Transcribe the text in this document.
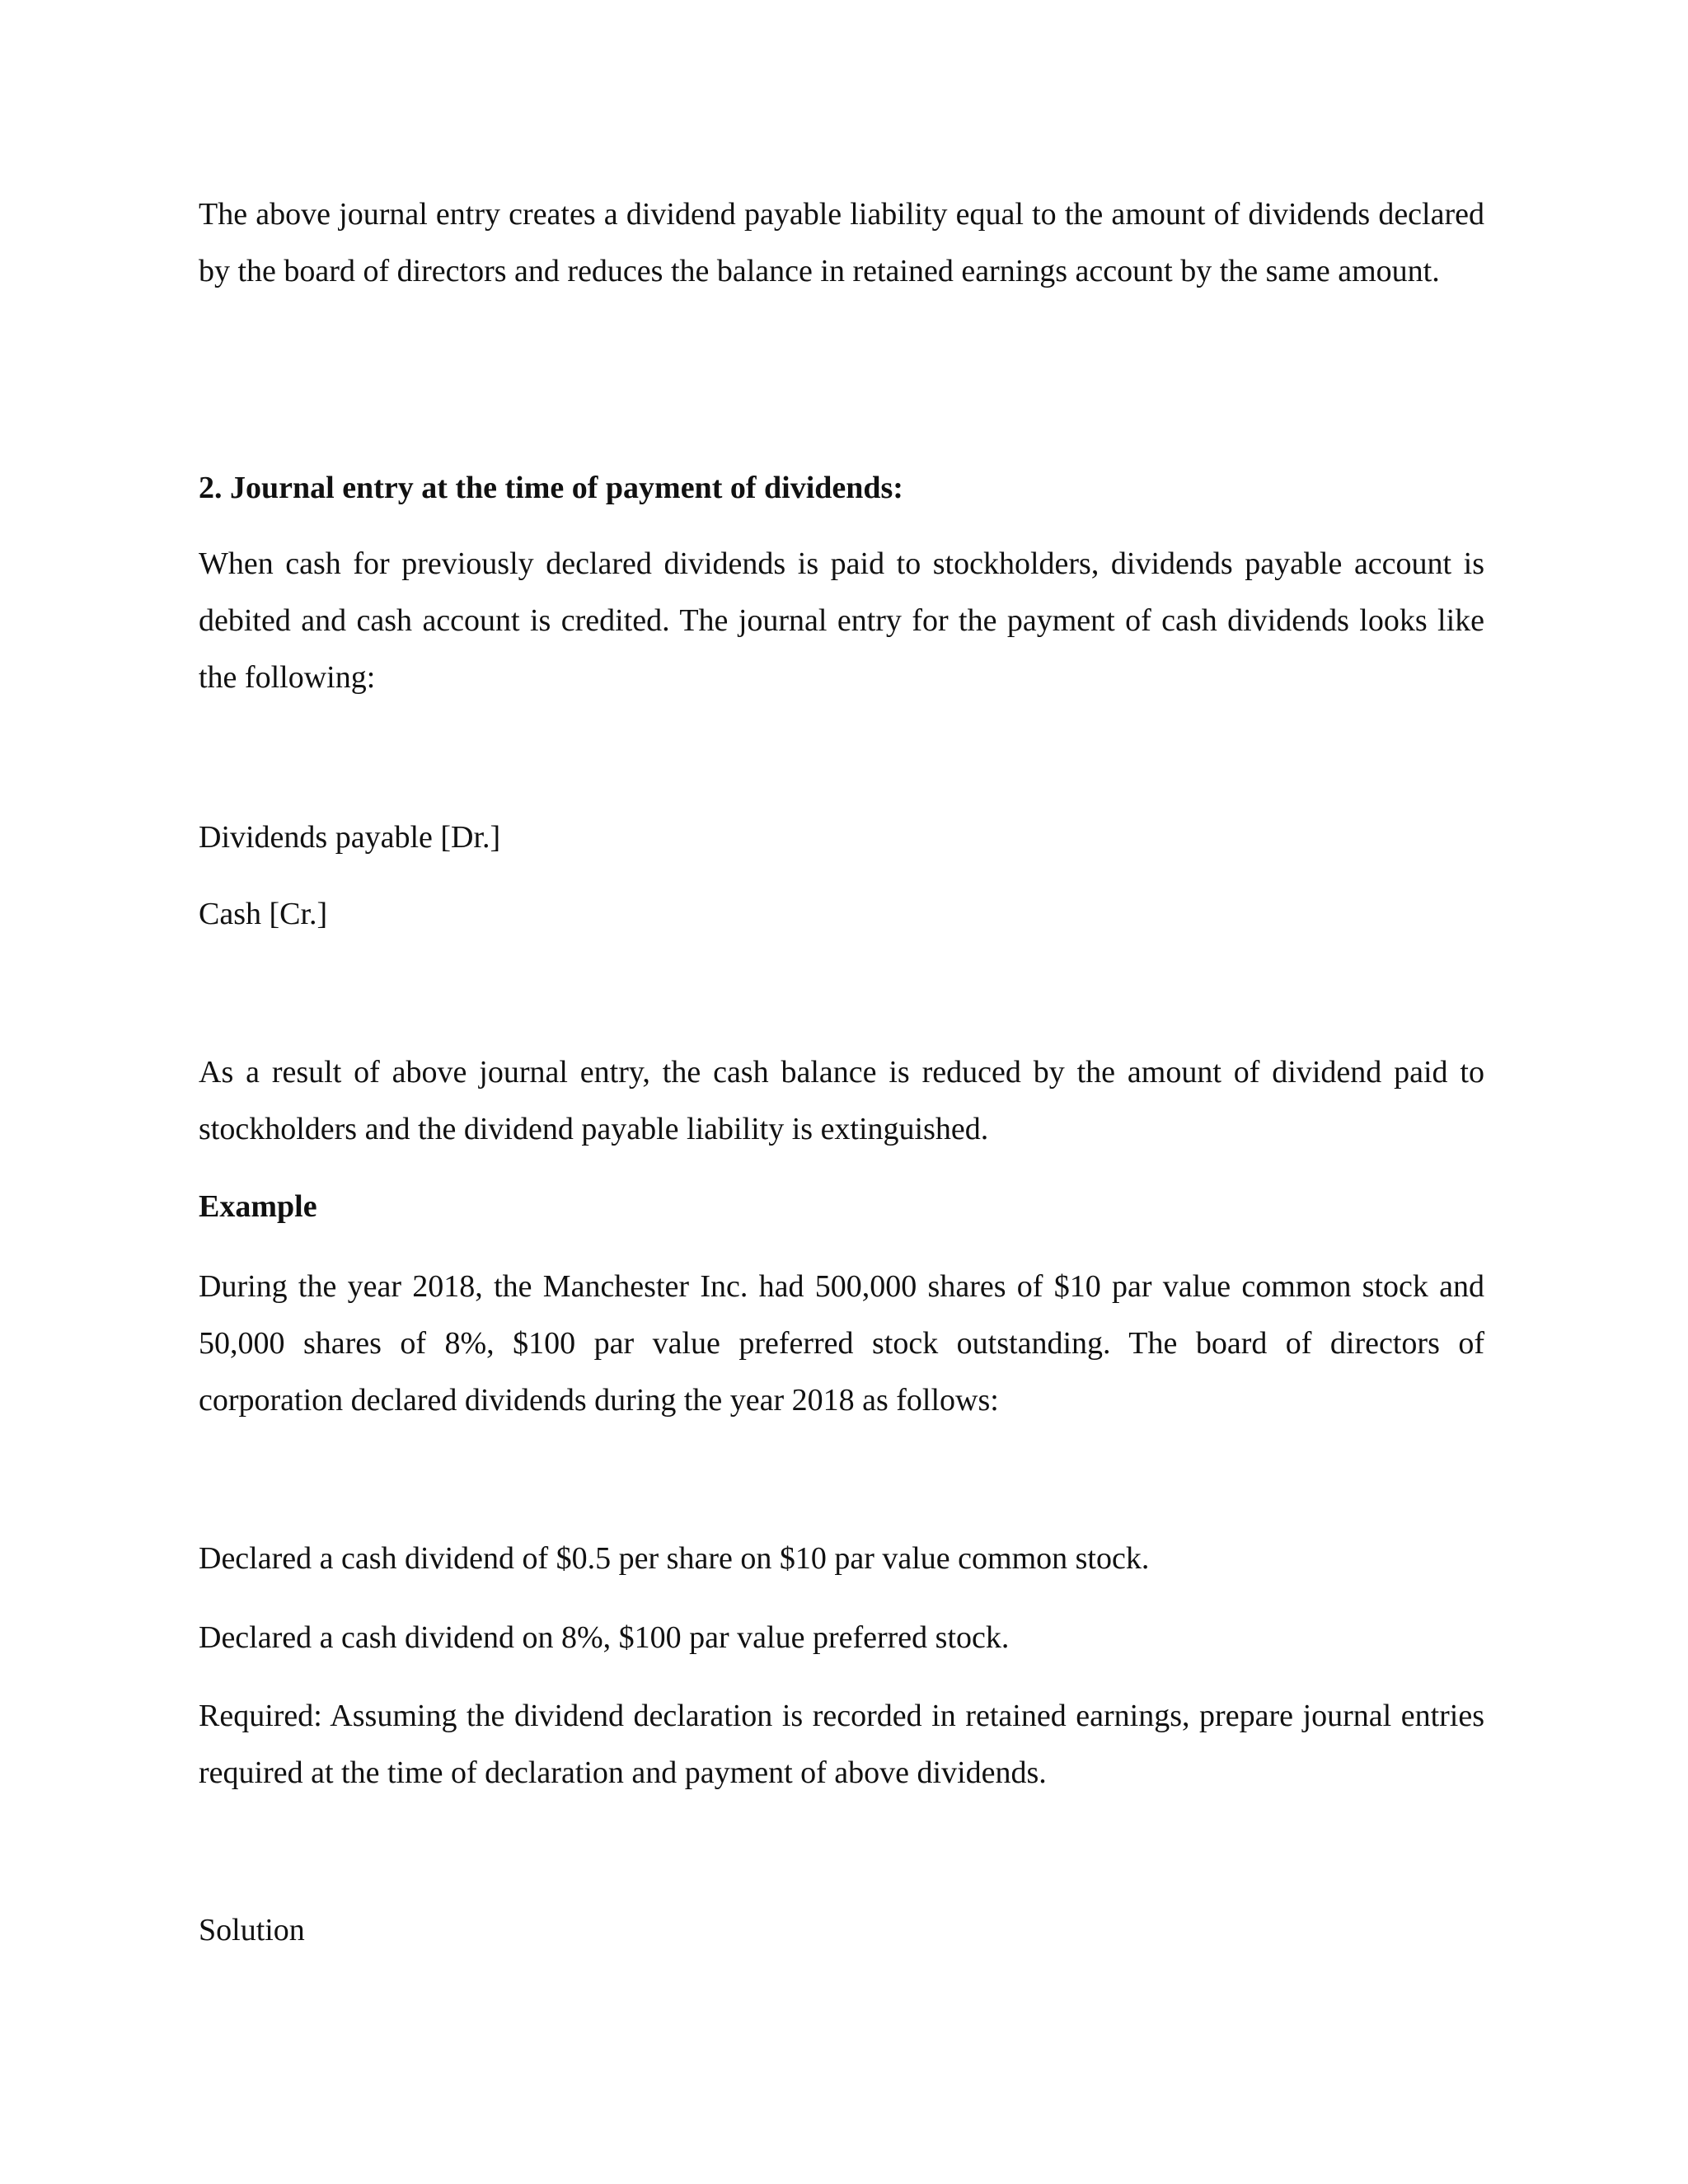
The above journal entry creates a dividend payable liability equal to the amount of dividends declared by the board of directors and reduces the balance in retained earnings account by the same amount.

2. Journal entry at the time of payment of dividends:

When cash for previously declared dividends is paid to stockholders, dividends payable account is debited and cash account is credited. The journal entry for the payment of cash dividends looks like the following:

Dividends payable [Dr.]

Cash [Cr.]

As a result of above journal entry, the cash balance is reduced by the amount of dividend paid to stockholders and the dividend payable liability is extinguished.

Example

During the year 2018, the Manchester Inc. had 500,000 shares of $10 par value common stock and 50,000 shares of 8%, $100 par value preferred stock outstanding. The board of directors of corporation declared dividends during the year 2018 as follows:

Declared a cash dividend of $0.5 per share on $10 par value common stock.

Declared a cash dividend on 8%, $100 par value preferred stock.

Required: Assuming the dividend declaration is recorded in retained earnings, prepare journal entries required at the time of declaration and payment of above dividends.

Solution
